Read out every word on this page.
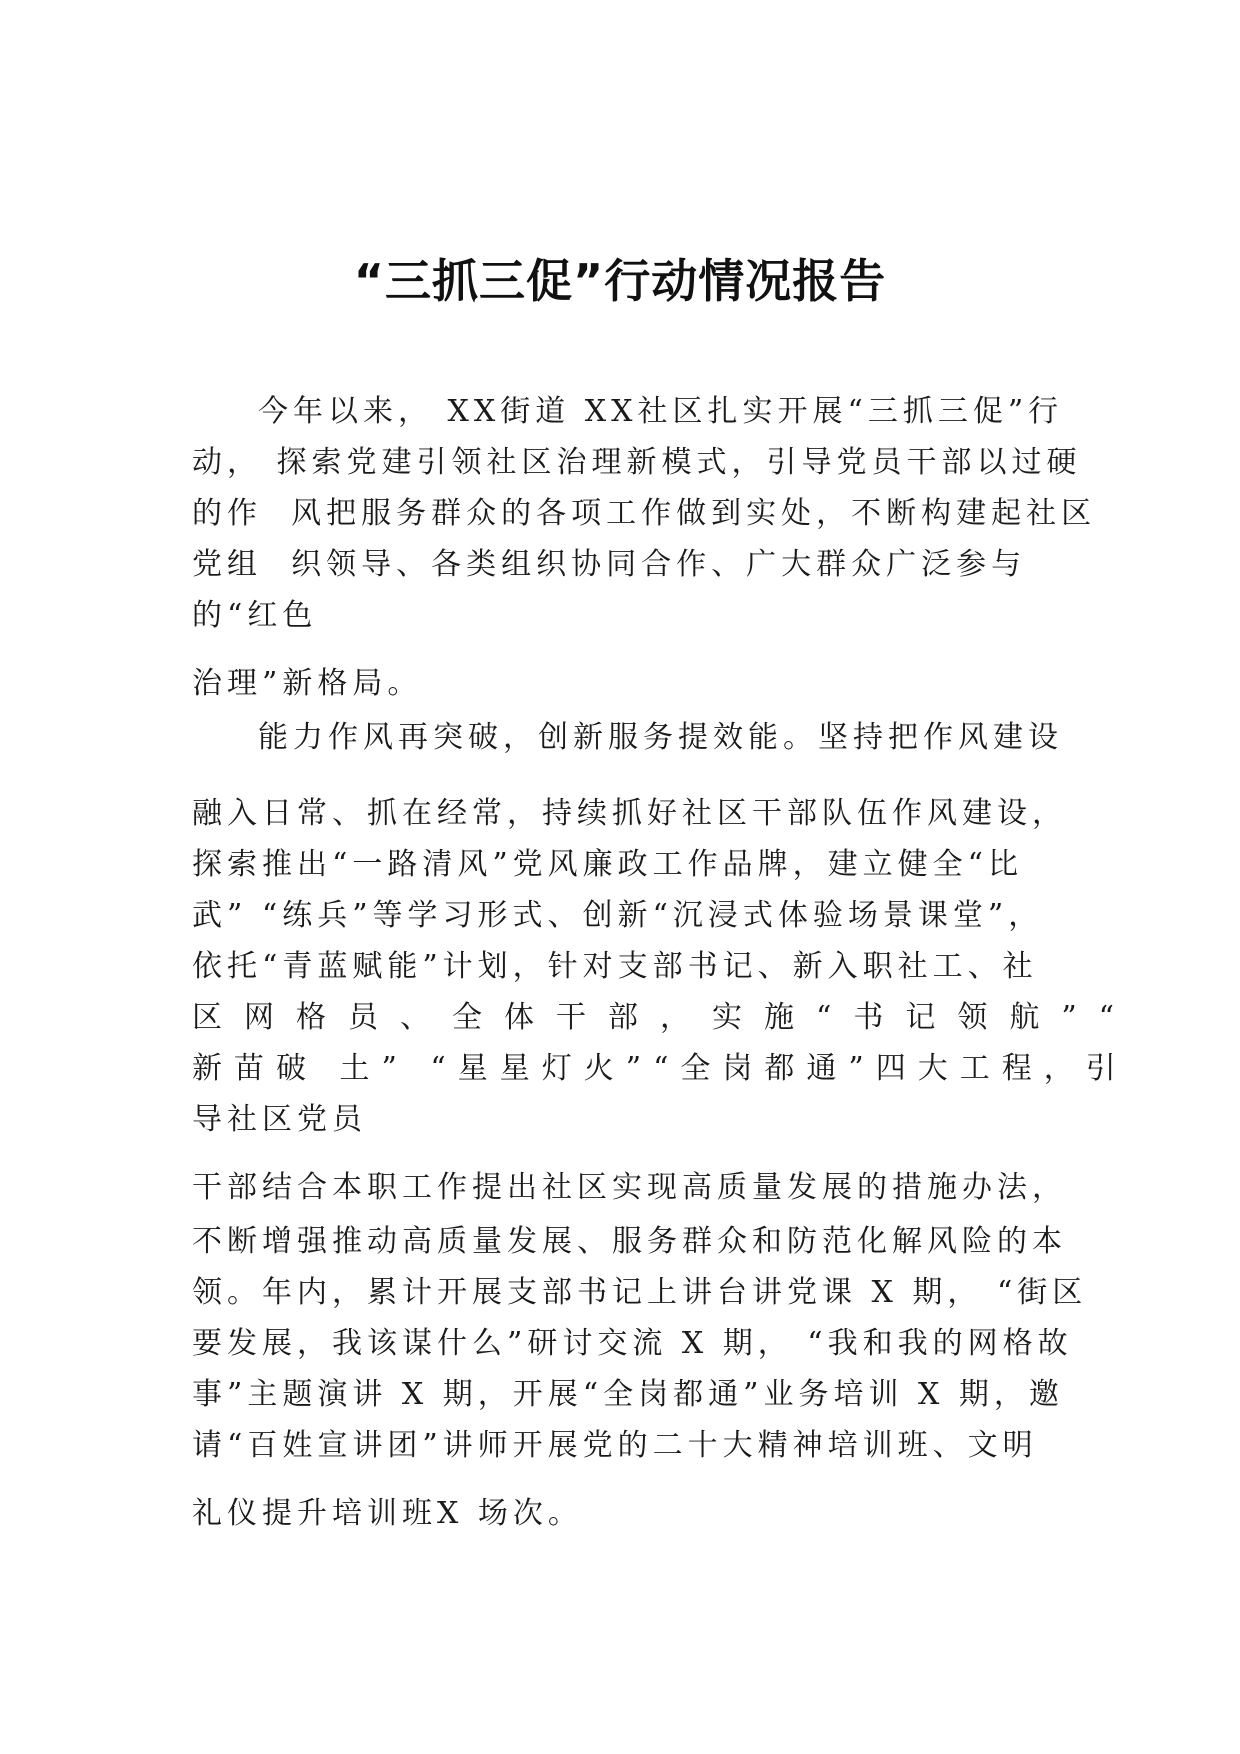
“三抓三促”行动情况报告
今年以来， XX街道 XX社区扎实开展“三抓三促”行
动， 探索党建引领社区治理新模式，引导党员干部以过硬
的作  风把服务群众的各项工作做到实处，不断构建起社区
党组  织领导、各类组织协同合作、广大群众广泛参与
的“红色
治理”新格局。
能力作风再突破，创新服务提效能。坚持把作风建设
融入日常、抓在经常，持续抓好社区干部队伍作风建设，
探索推出“一路清风”党风廉政工作品牌，建立健全“比
武” “练兵”等学习形式、创新“沉浸式体验场景课堂”，
依托“青蓝赋能”计划，针对支部书记、新入职社工、社
区网格员、全体干部，实施“书记领航”“
新苗破 土” “星星灯火”“全岗都通”四大工程，引
导社区党员
干部结合本职工作提出社区实现高质量发展的措施办法，
不断增强推动高质量发展、服务群众和防范化解风险的本
领。年内，累计开展支部书记上讲台讲党课 X 期， “街区
要发展，我该谋什么”研讨交流 X 期， “我和我的网格故
事”主题演讲 X 期，开展“全岗都通”业务培训 X 期，邀
请“百姓宣讲团”讲师开展党的二十大精神培训班、文明
礼仪提升培训班X 场次。
